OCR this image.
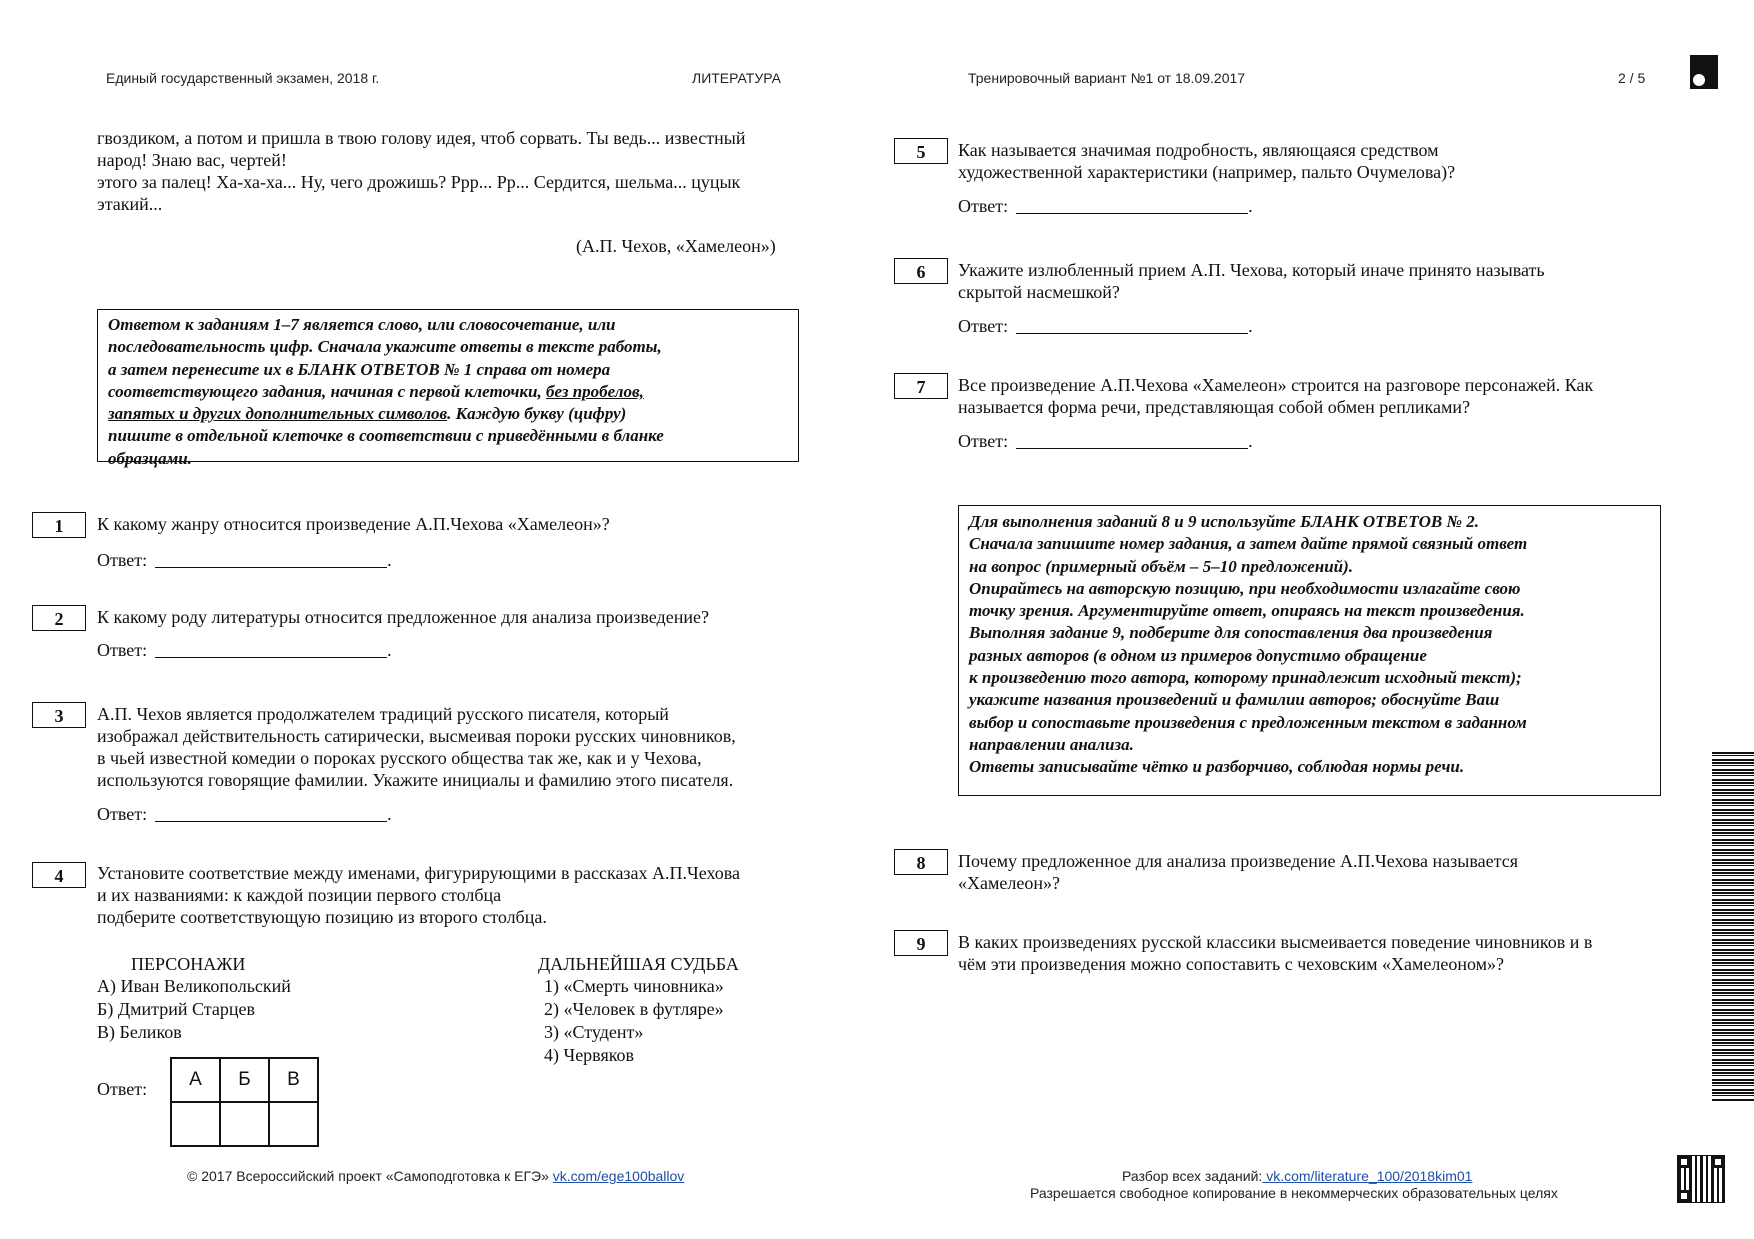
Единый государственный экзамен, 2018 г.	ЛИТЕРАТУРА	Тренировочный вариант №1 от 18.09.2017	2 / 5
гвоздиком, а потом и пришла в твою голову идея, чтоб сорвать. Ты ведь... известный
народ! Знаю вас, чертей!
этого за палец! Ха-ха-ха... Ну, чего дрожишь? Ррр... Рр... Сердится, шельма... цуцык
этакий...
(А.П. Чехов, «Хамелеон»)
Ответом к заданиям 1–7 является слово, или словосочетание, или
последовательность цифр. Сначала укажите ответы в тексте работы,
а затем перенесите их в БЛАНК ОТВЕТОВ № 1 справа от номера
соответствующего задания, начиная с первой клеточки, без пробелов,
запятых и других дополнительных символов. Каждую букву (цифру)
пишите в отдельной клеточке в соответствии с приведёнными в бланке
образцами.
1	К какому жанру относится произведение А.П.Чехова «Хамелеон»?
Ответ:	.
2	К какому роду литературы относится предложенное для анализа произведение?
Ответ:	.
3	А.П. Чехов является продолжателем традиций русского писателя, который
изображал действительность сатирически, высмеивая пороки русских чиновников,
в чьей известной комедии о пороках русского общества так же, как и у Чехова,
используются говорящие фамилии. Укажите инициалы и фамилию этого писателя.
Ответ:	.
4	Установите соответствие между именами, фигурирующими в рассказах А.П.Чехова
и их названиями: к каждой позиции первого столбца
подберите соответствующую позицию из второго столбца.
ПЕРСОНАЖИ
А) Иван Великопольский
Б) Дмитрий Старцев
В) Беликов
ДАЛЬНЕЙШАЯ СУДЬБА
1) «Смерть чиновника»
2) «Человек в футляре»
3) «Студент»
4) Червяков
Ответ: А	Б	В

5	Как называется значимая подробность, являющаяся средством
художественной характеристики (например, пальто Очумелова)?
Ответ:	.
6	Укажите излюбленный прием А.П. Чехова, который иначе принято называть
скрытой насмешкой?
Ответ:	.
7	Все произведение А.П.Чехова «Хамелеон» строится на разговоре персонажей. Как
называется форма речи, представляющая собой обмен репликами?
Ответ:	.
Для выполнения заданий 8 и 9 используйте БЛАНК ОТВЕТОВ № 2.
Сначала запишите номер задания, а затем дайте прямой связный ответ
на вопрос (примерный объём – 5–10 предложений).
Опирайтесь на авторскую позицию, при необходимости излагайте свою
точку зрения. Аргументируйте ответ, опираясь на текст произведения.
Выполняя задание 9, подберите для сопоставления два произведения
разных авторов (в одном из примеров допустимо обращение
к произведению того автора, которому принадлежит исходный текст);
укажите названия произведений и фамилии авторов; обоснуйте Ваш
выбор и сопоставьте произведения с предложенным текстом в заданном
направлении анализа.
Ответы записывайте чётко и разборчиво, соблюдая нормы речи.
8	Почему предложенное для анализа произведение А.П.Чехова называется
«Хамелеон»?
9	В каких произведениях русской классики высмеивается поведение чиновников и в
чём эти произведения можно сопоставить с чеховским «Хамелеоном»?
© 2017 Всероссийский проект «Самоподготовка к ЕГЭ» vk.com/ege100ballov	Разбор всех заданий: vk.com/literature_100/2018kim01
Разрешается свободное копирование в некоммерческих образовательных целях
